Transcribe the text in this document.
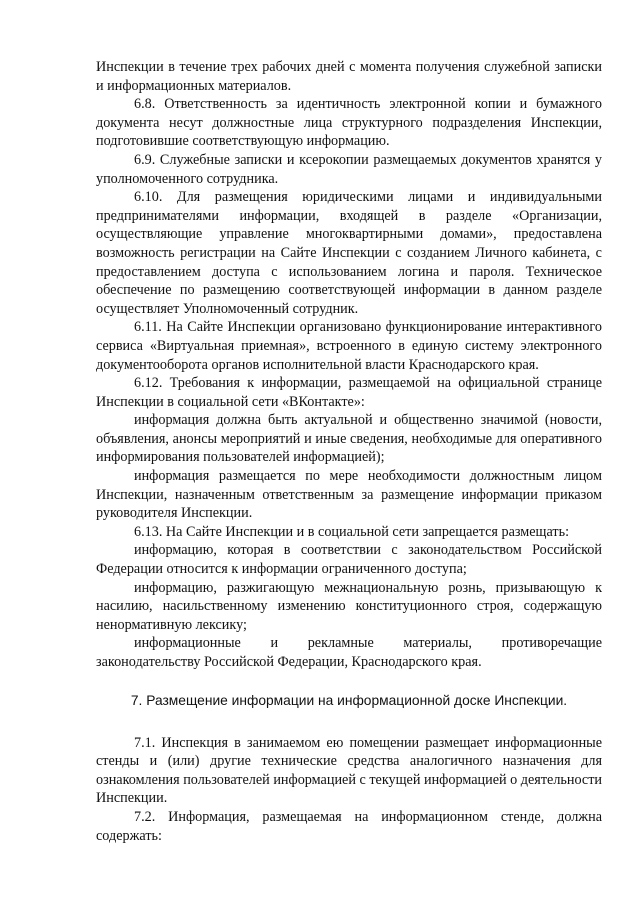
Инспекции в течение трех рабочих дней с момента получения служебной записки и информационных материалов.

6.8. Ответственность за идентичность электронной копии и бумажного документа несут должностные лица структурного подразделения Инспекции, подготовившие соответствующую информацию.

6.9. Служебные записки и ксерокопии размещаемых документов хранятся у уполномоченного сотрудника.

6.10. Для размещения юридическими лицами и индивидуальными предпринимателями информации, входящей в разделе «Организации, осуществляющие управление многоквартирными домами», предоставлена возможность регистрации на Сайте Инспекции с созданием Личного кабинета, с предоставлением доступа с использованием логина и пароля. Техническое обеспечение по размещению соответствующей информации в данном разделе осуществляет Уполномоченный сотрудник.

6.11. На Сайте Инспекции организовано функционирование интерактивного сервиса «Виртуальная приемная», встроенного в единую систему электронного документооборота органов исполнительной власти Краснодарского края.

6.12. Требования к информации, размещаемой на официальной странице Инспекции в социальной сети «ВКонтакте»:

информация должна быть актуальной и общественно значимой (новости, объявления, анонсы мероприятий и иные сведения, необходимые для оперативного информирования пользователей информацией);

информация размещается по мере необходимости должностным лицом Инспекции, назначенным ответственным за размещение информации приказом руководителя Инспекции.

6.13. На Сайте Инспекции и в социальной сети запрещается размещать:

информацию, которая в соответствии с законодательством Российской Федерации относится к информации ограниченного доступа;

информацию, разжигающую межнациональную рознь, призывающую к насилию, насильственному изменению конституционного строя, содержащую ненормативную лексику;

информационные и рекламные материалы, противоречащие законодательству Российской Федерации, Краснодарского края.

7. Размещение информации на информационной доске Инспекции.

7.1. Инспекция в занимаемом ею помещении размещает информационные стенды и (или) другие технические средства аналогичного назначения для ознакомления пользователей информацией с текущей информацией о деятельности Инспекции.

7.2. Информация, размещаемая на информационном стенде, должна содержать:
